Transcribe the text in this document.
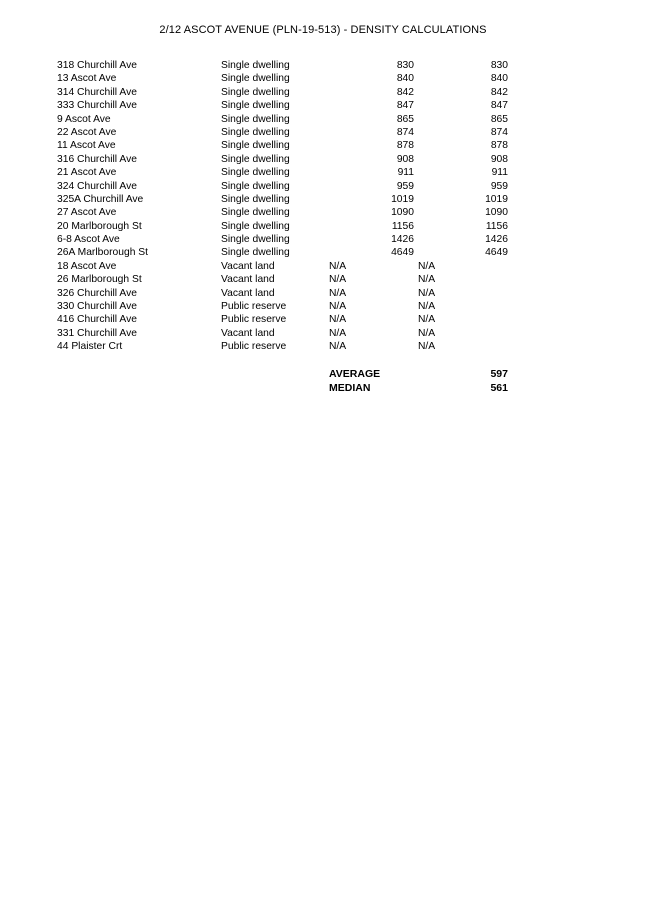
2/12 ASCOT AVENUE (PLN-19-513) - DENSITY CALCULATIONS
318 Churchill Ave	Single dwelling	830	830
13 Ascot Ave	Single dwelling	840	840
314 Churchill Ave	Single dwelling	842	842
333 Churchill Ave	Single dwelling	847	847
9 Ascot Ave	Single dwelling	865	865
22 Ascot Ave	Single dwelling	874	874
11 Ascot Ave	Single dwelling	878	878
316 Churchill Ave	Single dwelling	908	908
21 Ascot Ave	Single dwelling	911	911
324 Churchill Ave	Single dwelling	959	959
325A Churchill Ave	Single dwelling	1019	1019
27 Ascot Ave	Single dwelling	1090	1090
20 Marlborough St	Single dwelling	1156	1156
6-8 Ascot Ave	Single dwelling	1426	1426
26A Marlborough St	Single dwelling	4649	4649
18 Ascot Ave	Vacant land	N/A	N/A
26 Marlborough St	Vacant land	N/A	N/A
326 Churchill Ave	Vacant land	N/A	N/A
330 Churchill Ave	Public reserve	N/A	N/A
416 Churchill Ave	Public reserve	N/A	N/A
331 Churchill Ave	Vacant land	N/A	N/A
44 Plaister Crt	Public reserve	N/A	N/A
AVERAGE	597
MEDIAN	561
